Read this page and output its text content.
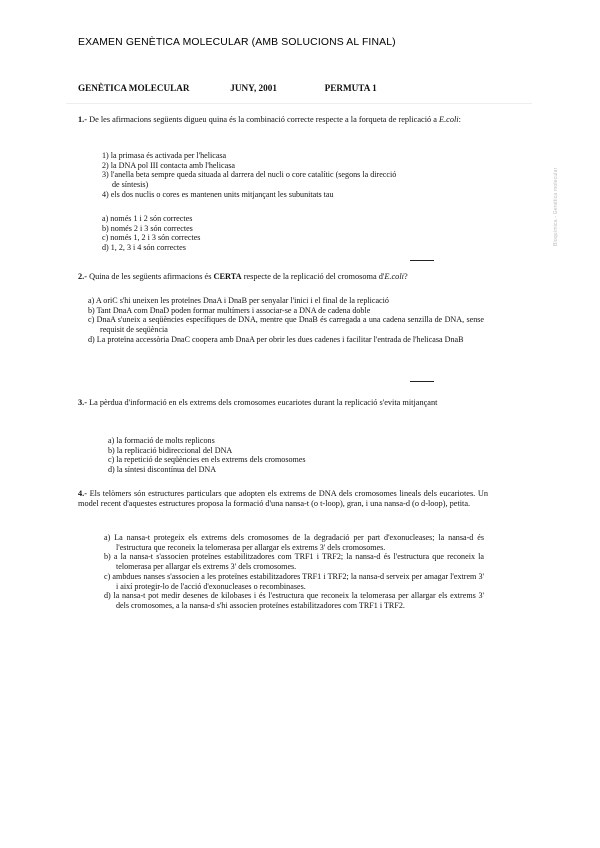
EXAMEN GENÈTICA MOLECULAR (AMB SOLUCIONS AL FINAL)
Bioquímica - Genètica molecular
GENÈTICA MOLECULAR	JUNY, 2001	PERMUTA 1
1.- De les afirmacions següents digueu quina és la combinació correcte respecte a la forqueta de replicació a E.coli:
1) la primasa és activada per l'helicasa
2) la DNA pol III contacta amb l'helicasa
3) l'anella beta sempre queda situada al darrera del nucli o core catalític (segons la direcció
de síntesis)
4) els dos nuclis o cores es mantenen units mitjançant les subunitats tau
a) només 1 i 2 són correctes
b) només 2 i 3 són correctes
c) només 1, 2 i 3 són correctes
d) 1, 2, 3 i 4 són correctes
2.- Quina de les següents afirmacions és CERTA respecte de la replicació del cromosoma d'E.coli?
a) A oriC s'hi uneixen les proteïnes DnaA i DnaB per senyalar l'inici i el final de la replicació
b) Tant DnaA com DnaD poden formar multímers i associar-se a DNA de cadena doble
c) DnaA s'uneix a seqüències específiques de DNA, mentre que DnaB és carregada a una cadena senzilla de DNA, sense requisit de seqüència
d) La proteïna accessòria DnaC coopera amb DnaA per obrir les dues cadenes i facilitar l'entrada de l'helicasa DnaB
3.- La pèrdua d'informació en els extrems dels cromosomes eucariotes durant la replicació s'evita mitjançant
a) la formació de molts replicons
b) la replicació bidireccional del DNA
c) la repetició de seqüències en els extrems dels cromosomes
d) la síntesi discontínua del DNA
4.- Els telòmers són estructures particulars que adopten els extrems de DNA dels cromosomes lineals dels eucariotes. Un model recent d'aquestes estructures proposa la formació d'una nansa-t (o t-loop), gran, i una nansa-d (o d-loop), petita.
a) La nansa-t protegeix els extrems dels cromosomes de la degradació per part d'exonucleases; la nansa-d és l'estructura que reconeix la telomerasa per allargar els extrems 3' dels cromosomes.
b) a la nansa-t s'associen proteïnes estabilitzadores com TRF1 i TRF2; la nansa-d és l'estructura que reconeix la telomerasa per allargar els extrems 3' dels cromosomes.
c) ambdues nanses s'associen a les proteïnes estabilitzadores TRF1 i TRF2; la nansa-d serveix per amagar l'extrem 3' i així protegir-lo de l'acció d'exonucleases o recombinases.
d) la nansa-t pot medir desenes de kilobases i és l'estructura que reconeix la telomerasa per allargar els extrems 3' dels cromosomes, a la nansa-d s'hi associen proteïnes estabilitzadores com TRF1 i TRF2.
